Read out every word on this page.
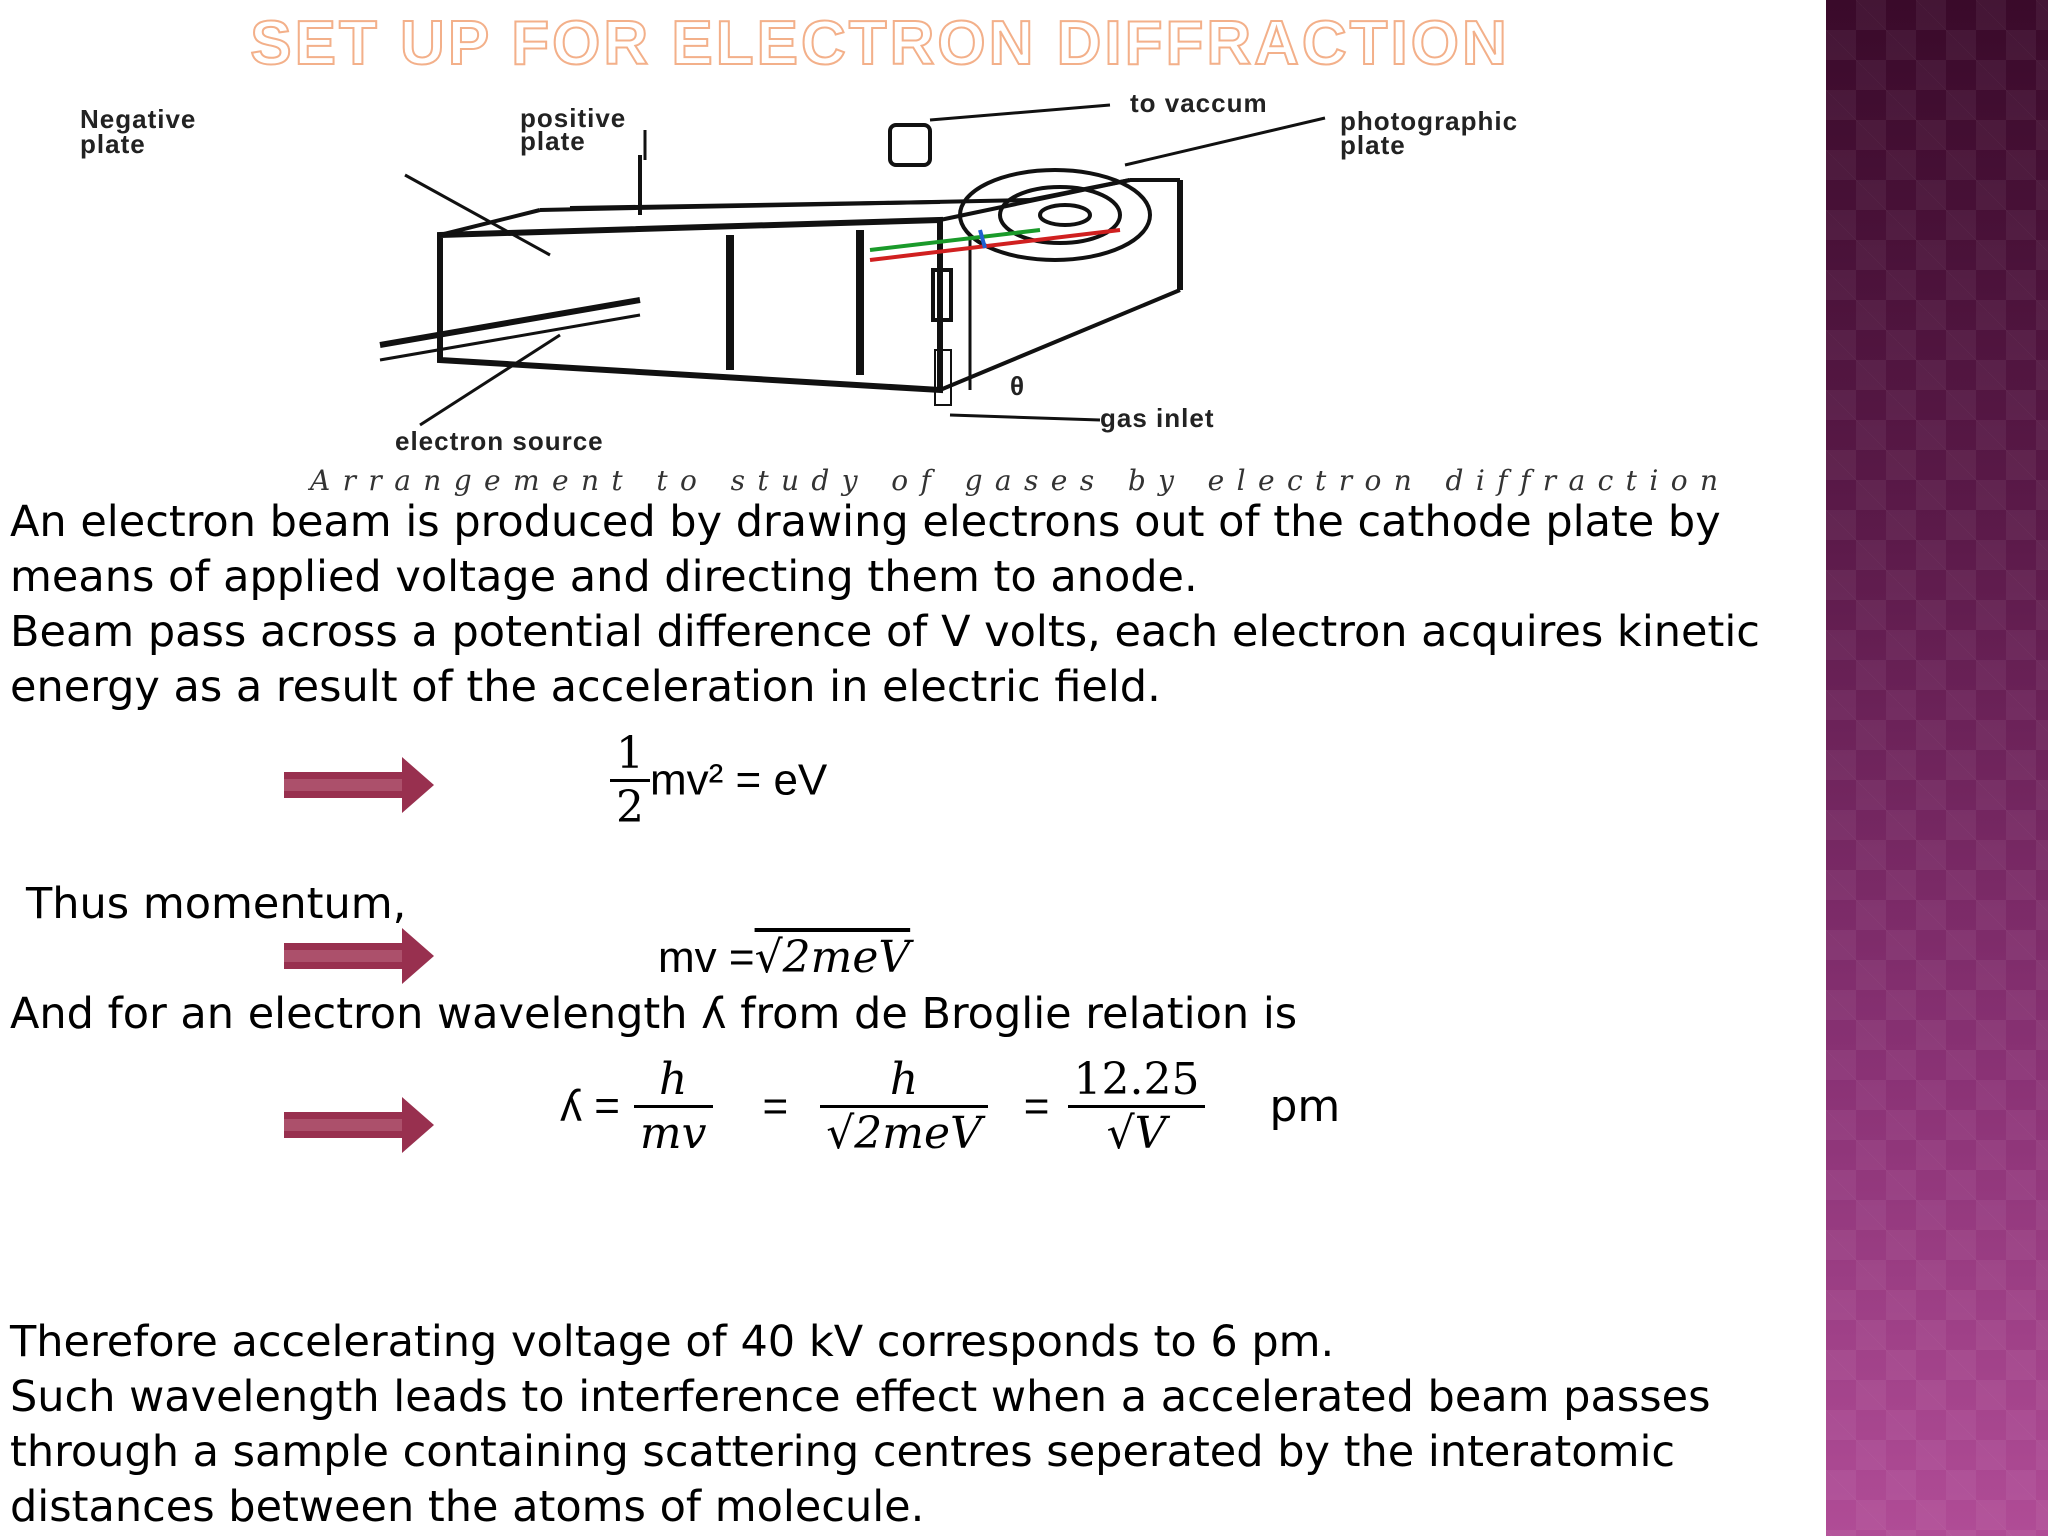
SET UP FOR ELECTRON DIFFRACTION
Negative
plate
positive
plate
to vaccum
photographic
plate
θ
gas inlet
electron source
Arrangement to study of gases by electron diffraction
An electron beam is produced by drawing electrons out of the cathode plate by
means of applied voltage and directing them to anode.
Beam pass across a potential difference of V volts, each electron acquires kinetic
energy as a result of the acceleration in electric field.
$\frac{1}{2} mv^2$ = eV
Thus momentum,
mv =√2meV
And for an electron wavelength ʎ from de Broglie relation is
ʎ = $\frac{h}{mv} = \frac{h}{\text{√2meV}} = \frac{12.25}{√V}$ pm
Therefore accelerating voltage of 40 kV corresponds to 6 pm.
Such wavelength leads to interference effect when a accelerated beam passes
through a sample containing scattering centres seperated by the interatomic
distances between the atoms of molecule.
